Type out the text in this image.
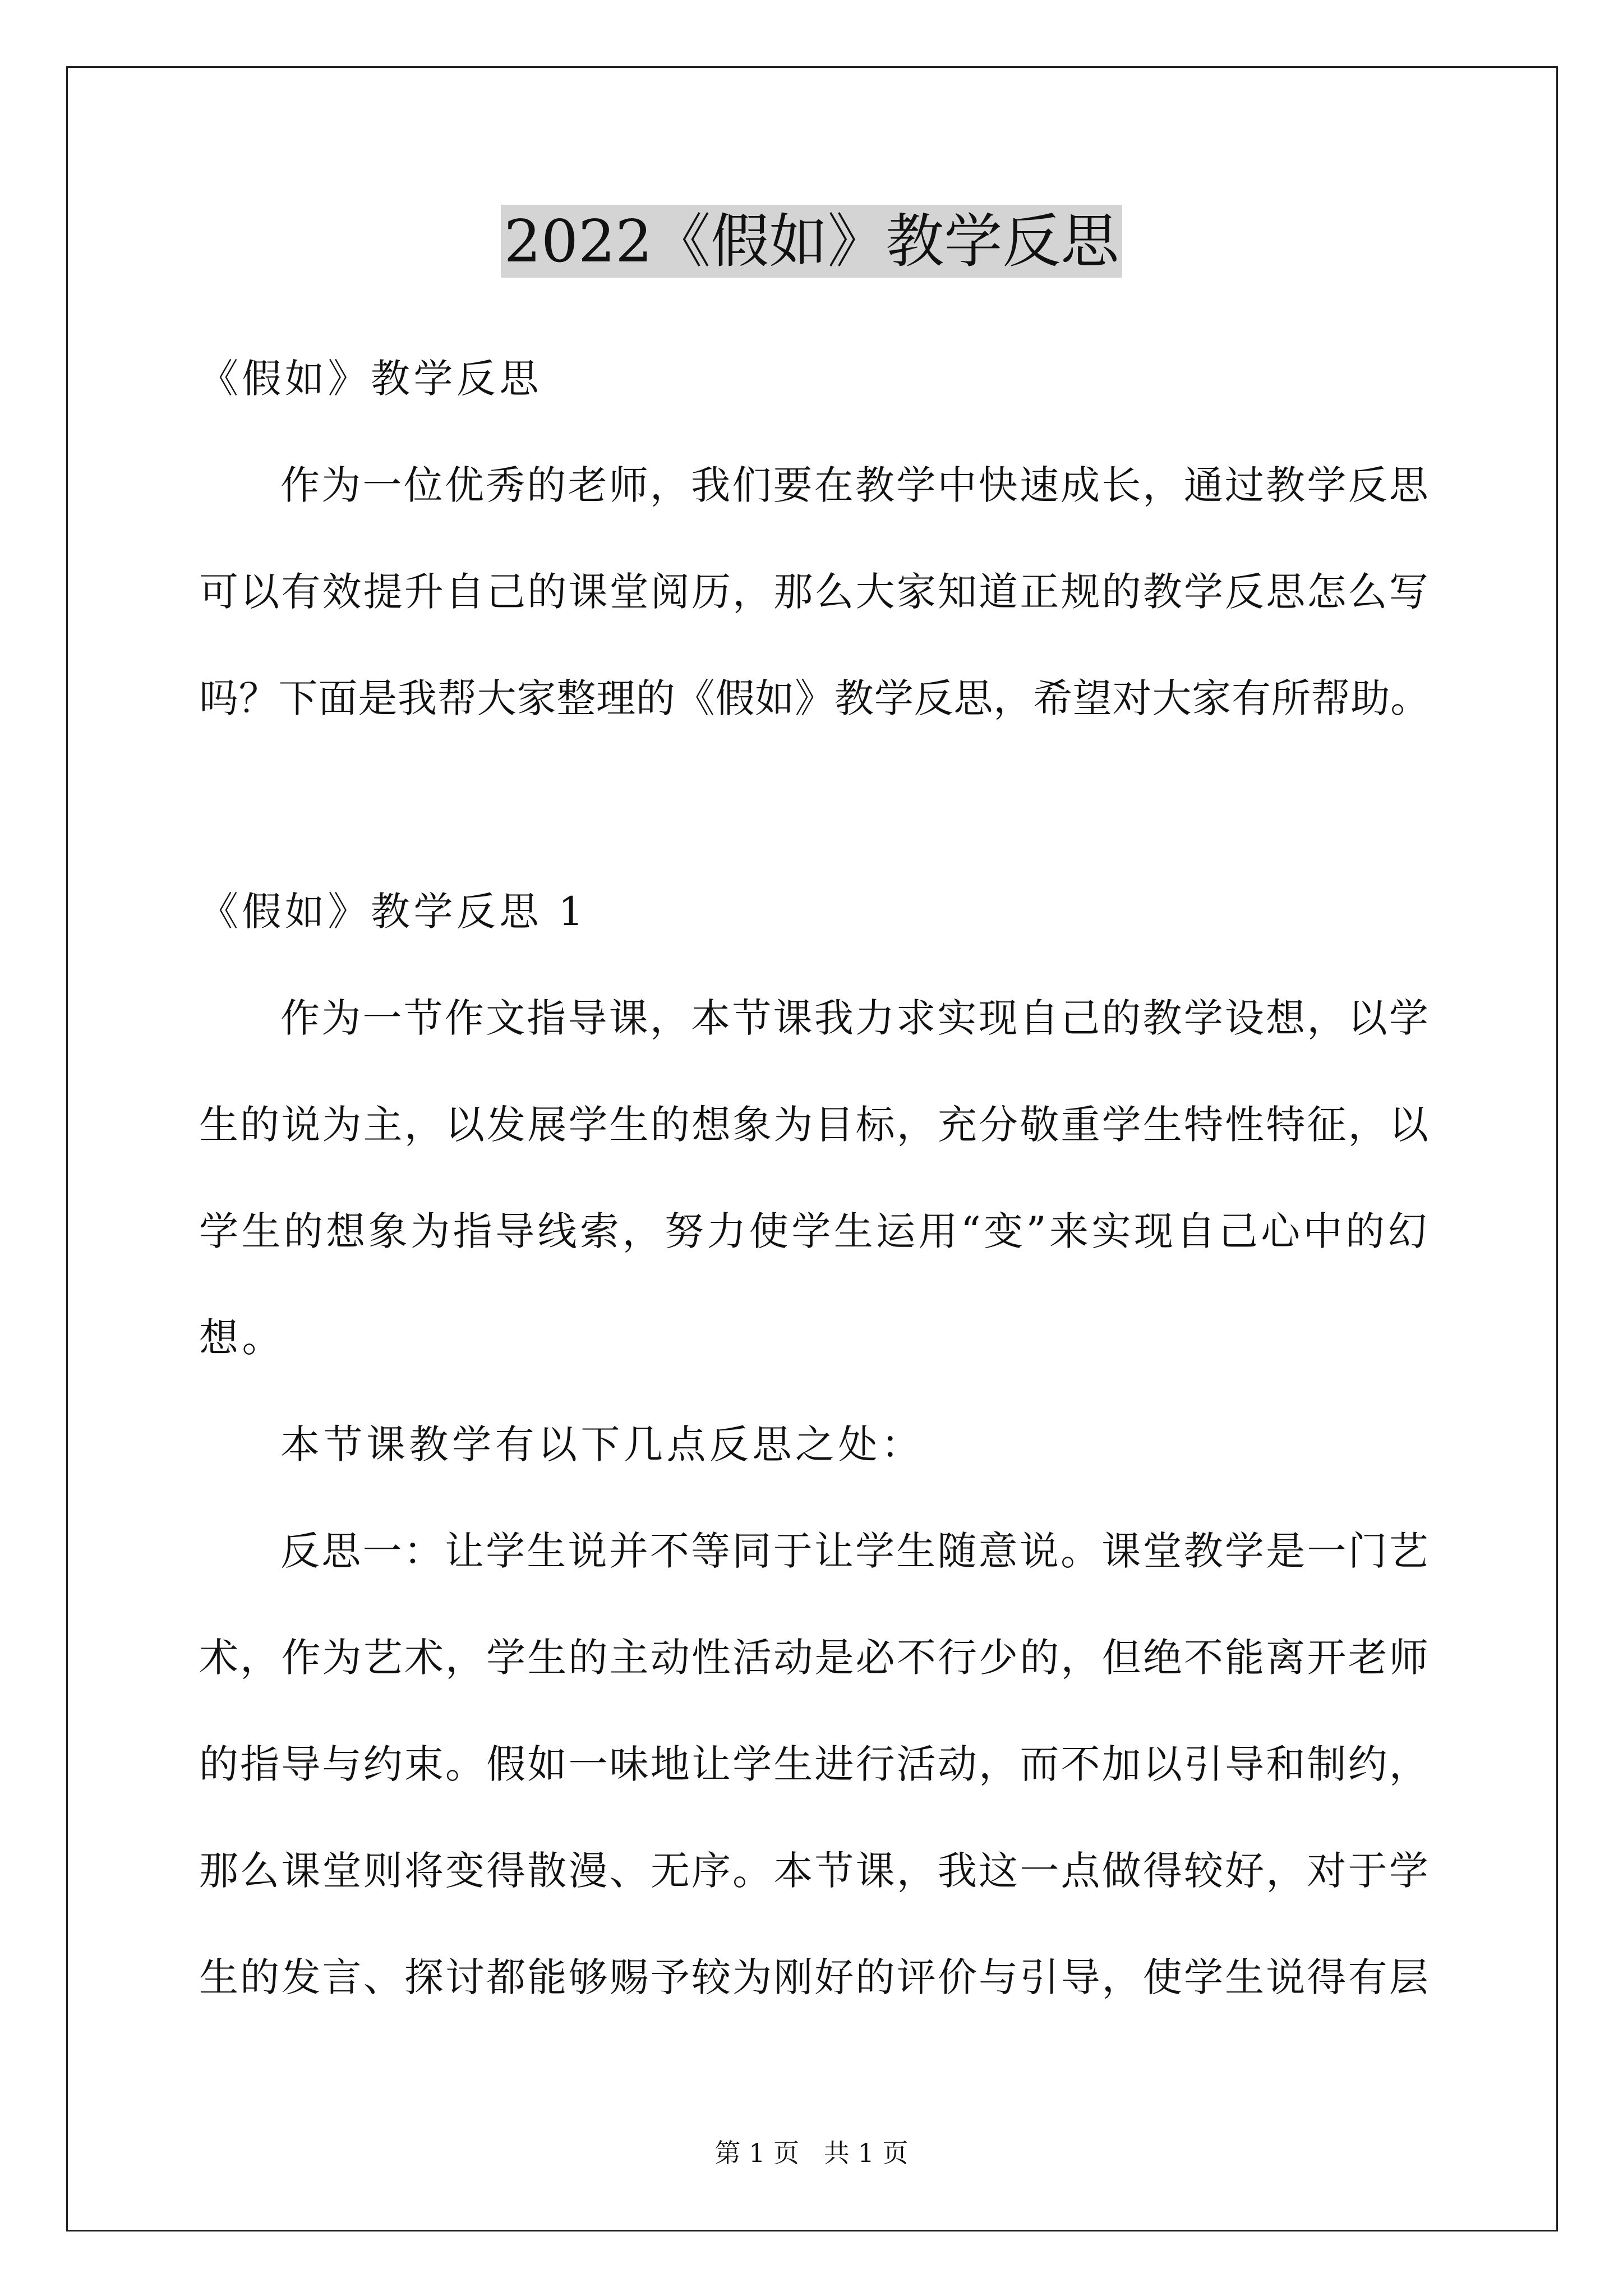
2022《假如》教学反思
《假如》教学反思
作为一位优秀的老师，我们要在教学中快速成长，通过教学反思
可以有效提升自己的课堂阅历，那么大家知道正规的教学反思怎么写
吗？下面是我帮大家整理的《假如》教学反思，希望对大家有所帮助。
《假如》教学反思 1
作为一节作文指导课，本节课我力求实现自己的教学设想，以学
生的说为主，以发展学生的想象为目标，充分敬重学生特性特征，以
学生的想象为指导线索，努力使学生运用“变”来实现自己心中的幻
想。
本节课教学有以下几点反思之处：
反思一：让学生说并不等同于让学生随意说。课堂教学是一门艺
术，作为艺术，学生的主动性活动是必不行少的，但绝不能离开老师
的指导与约束。假如一味地让学生进行活动，而不加以引导和制约，
那么课堂则将变得散漫、无序。本节课，我这一点做得较好，对于学
生的发言、探讨都能够赐予较为刚好的评价与引导，使学生说得有层
第 1 页   共 1 页
